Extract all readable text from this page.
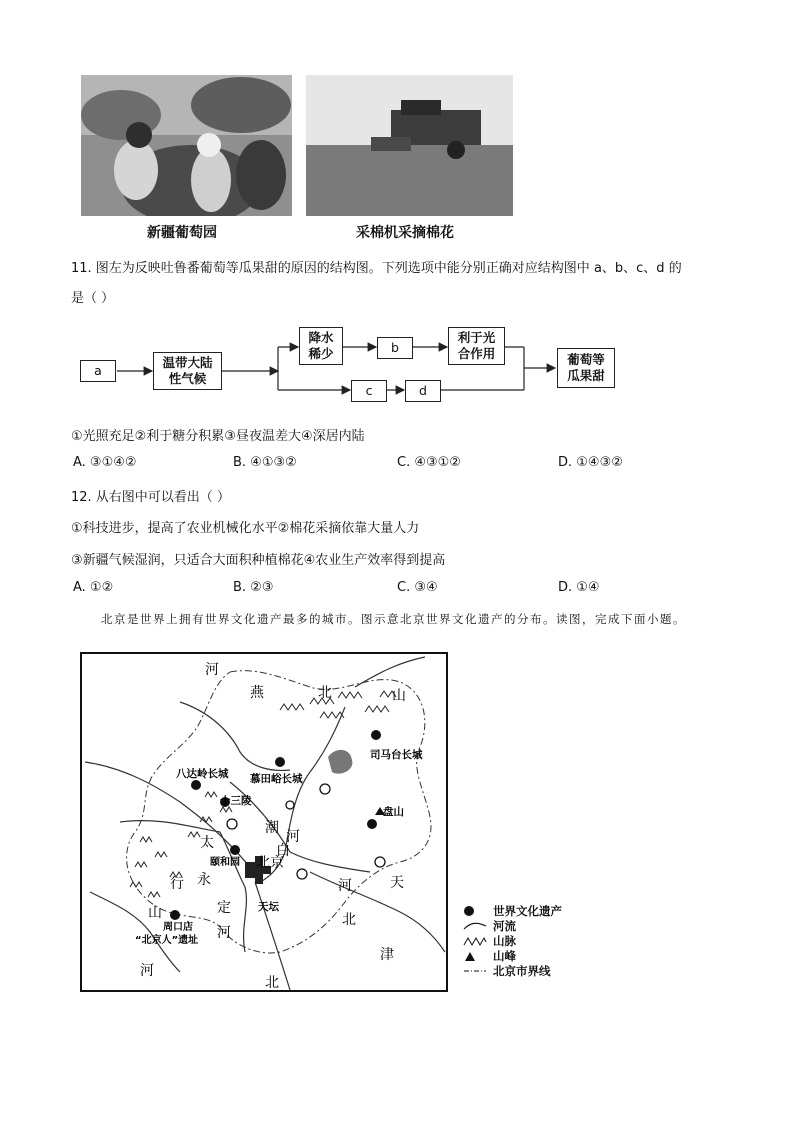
新疆葡萄园	采棉机采摘棉花
11. 图左为反映吐鲁番葡萄等瓜果甜的原因的结构图。下列选项中能分别正确对应结构图中 a、b、c、d 的
是（ ）
a
温带大陆
性气候
降水
稀少	b
利于光
合作用
c	d
葡萄等
瓜果甜
①光照充足②利于糖分积累③昼夜温差大④深居内陆
A. ③①④②	B. ④①③②	C. ④③①②	D. ①④③②
12. 从右图中可以看出（ ）
①科技进步，提高了农业机械化水平②棉花采摘依靠大量人力
③新疆气候湿润，只适合大面积种植棉花④农业生产效率得到提高
A. ①②	B. ②③	C. ③④	D. ①④
北京是世界上拥有世界文化遗产最多的城市。图示意北京世界文化遗产的分布。读图，完成下面小题。
河
北
燕	山
司马台长城
八达岭长城 慕田峪长城
十三陵
盘山
潮
白
河
太
颐和园 北京
行 永
定
河
山	天坛
周口店
“北京人”遗址
河	天
北
津
河
北
世界文化遗产
河流
山脉
山峰
北京市界线
